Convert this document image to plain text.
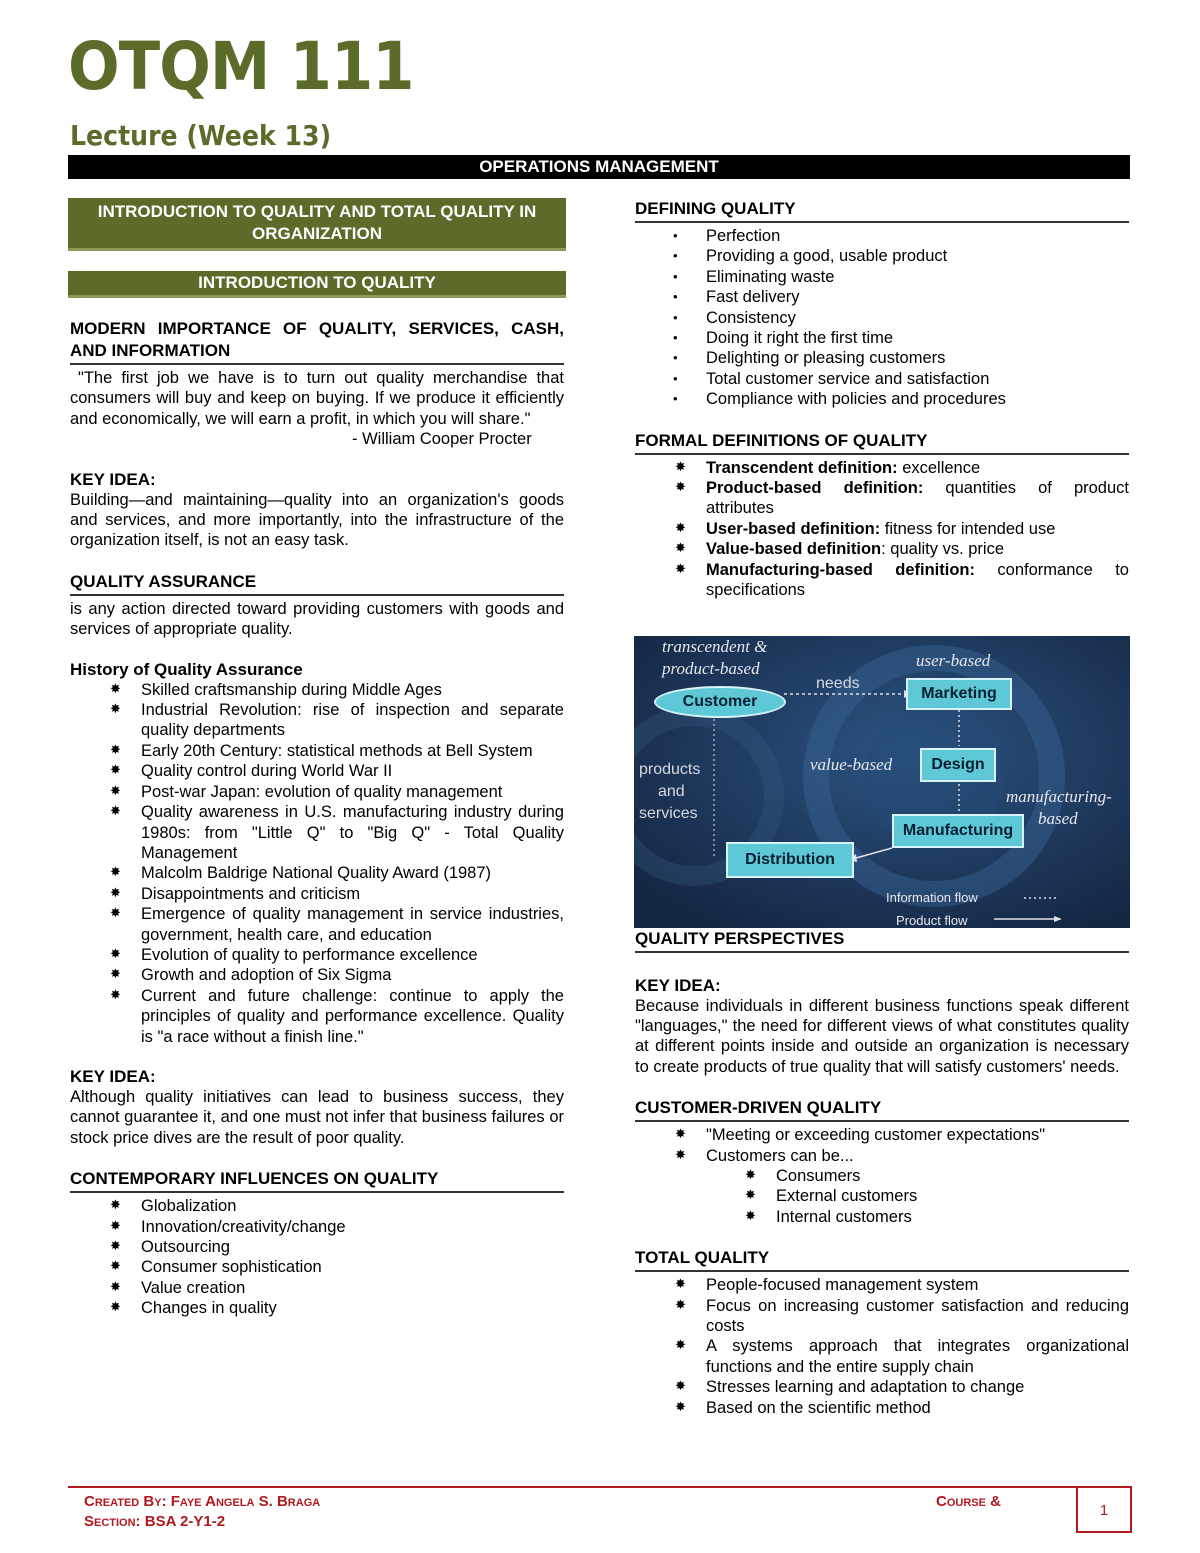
OTQM 111
Lecture (Week 13)
OPERATIONS MANAGEMENT
INTRODUCTION TO QUALITY AND TOTAL QUALITY IN ORGANIZATION
INTRODUCTION TO QUALITY
MODERN IMPORTANCE OF QUALITY, SERVICES, CASH, AND INFORMATION
"The first job we have is to turn out quality merchandise that consumers will buy and keep on buying. If we produce it efficiently and economically, we will earn a profit, in which you will share."
- William Cooper Procter
KEY IDEA:
Building—and maintaining—quality into an organization's goods and services, and more importantly, into the infrastructure of the organization itself, is not an easy task.
QUALITY ASSURANCE
is any action directed toward providing customers with goods and services of appropriate quality.
History of Quality Assurance
✸ Skilled craftsmanship during Middle Ages
✸ Industrial Revolution: rise of inspection and separate quality departments
✸ Early 20th Century: statistical methods at Bell System
✸ Quality control during World War II
✸ Post-war Japan: evolution of quality management
✸ Quality awareness in U.S. manufacturing industry during 1980s: from "Little Q" to "Big Q" - Total Quality Management
✸ Malcolm Baldrige National Quality Award (1987)
✸ Disappointments and criticism
✸ Emergence of quality management in service industries, government, health care, and education
✸ Evolution of quality to performance excellence
✸ Growth and adoption of Six Sigma
✸ Current and future challenge: continue to apply the principles of quality and performance excellence. Quality is "a race without a finish line."
KEY IDEA:
Although quality initiatives can lead to business success, they cannot guarantee it, and one must not infer that business failures or stock price dives are the result of poor quality.
CONTEMPORARY INFLUENCES ON QUALITY
✸ Globalization
✸ Innovation/creativity/change
✸ Outsourcing
✸ Consumer sophistication
✸ Value creation
✸ Changes in quality
DEFINING QUALITY
• Perfection
• Providing a good, usable product
• Eliminating waste
• Fast delivery
• Consistency
• Doing it right the first time
• Delighting or pleasing customers
• Total customer service and satisfaction
• Compliance with policies and procedures
FORMAL DEFINITIONS OF QUALITY
✸ Transcendent definition: excellence
✸ Product-based definition: quantities of product attributes
✸ User-based definition: fitness for intended use
✸ Value-based definition: quality vs. price
✸ Manufacturing-based definition: conformance to specifications
transcendent &
product-based	user-based
needs
Customer	Marketing
Design
value-based
products
and
services
manufacturing-
based
Manufacturing
Distribution
Information flow
Product flow
QUALITY PERSPECTIVES
KEY IDEA:
Because individuals in different business functions speak different "languages," the need for different views of what constitutes quality at different points inside and outside an organization is necessary to create products of true quality that will satisfy customers' needs.
CUSTOMER-DRIVEN QUALITY
✸ "Meeting or exceeding customer expectations"
✸ Customers can be...
✸ Consumers
✸ External customers
✸ Internal customers
TOTAL QUALITY
✸ People-focused management system
✸ Focus on increasing customer satisfaction and reducing costs
✸ A systems approach that integrates organizational functions and the entire supply chain
✸ Stresses learning and adaptation to change
✸ Based on the scientific method
Created By: Faye Angela S. Braga
Section: BSA 2-Y1-2
Course &
1
